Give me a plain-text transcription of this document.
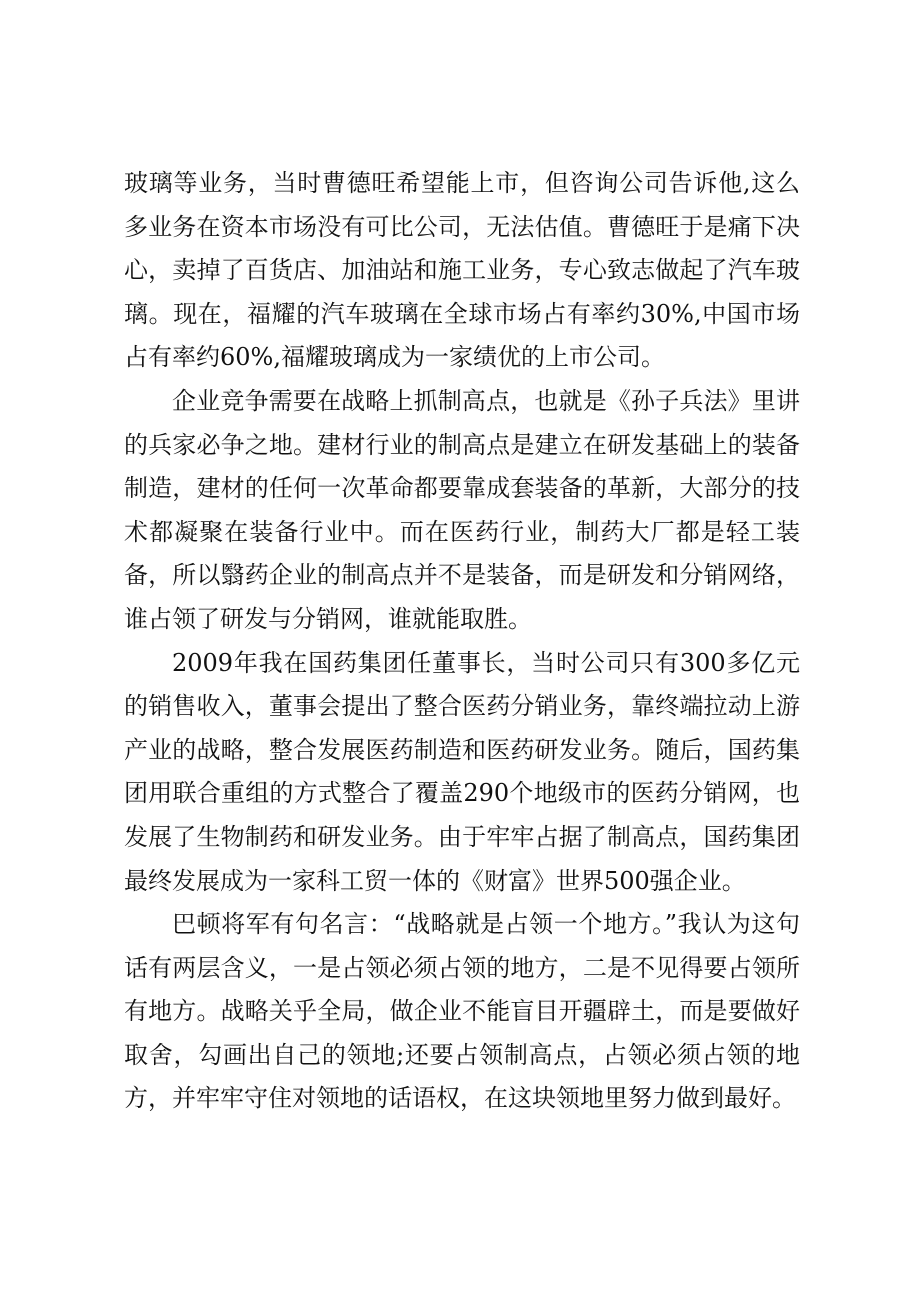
玻璃等业务，当时曹德旺希望能上市，但咨询公司告诉他,这么多业务在资本市场没有可比公司，无法估值。曹德旺于是痛下决心，卖掉了百货店、加油站和施工业务，专心致志做起了汽车玻璃。现在，福耀的汽车玻璃在全球市场占有率约30%,中国市场占有率约60%,福耀玻璃成为一家绩优的上市公司。

企业竞争需要在战略上抓制高点，也就是《孙子兵法》里讲的兵家必争之地。建材行业的制高点是建立在研发基础上的装备制造，建材的任何一次革命都要靠成套装备的革新，大部分的技术都凝聚在装备行业中。而在医药行业，制药大厂都是轻工装备，所以翳药企业的制高点并不是装备，而是研发和分销网络，谁占领了研发与分销网，谁就能取胜。

2009年我在国药集团任董事长，当时公司只有300多亿元的销售收入，董事会提出了整合医药分销业务，靠终端拉动上游产业的战略，整合发展医药制造和医药研发业务。随后，国药集团用联合重组的方式整合了覆盖290个地级市的医药分销网，也发展了生物制药和研发业务。由于牢牢占据了制高点，国药集团最终发展成为一家科工贸一体的《财富》世界500强企业。

巴顿将军有句名言：“战略就是占领一个地方。”我认为这句话有两层含义，一是占领必须占领的地方，二是不见得要占领所有地方。战略关乎全局，做企业不能盲目开疆辟土，而是要做好取舍，勾画出自己的领地;还要占领制高点，占领必须占领的地方，并牢牢守住对领地的话语权，在这块领地里努力做到最好。
